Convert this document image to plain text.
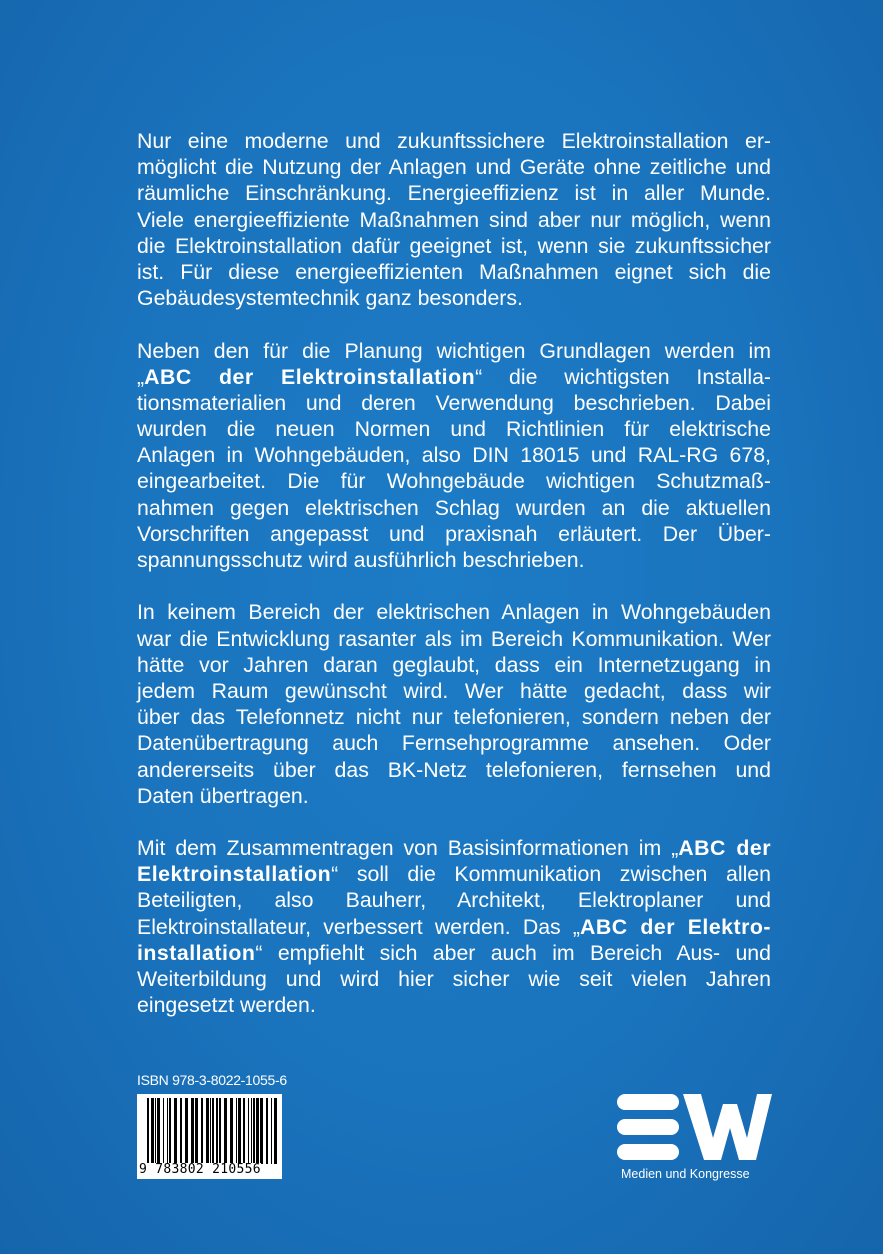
Nur eine moderne und zukunftssichere Elektroinstallation er-
möglicht die Nutzung der Anlagen und Geräte ohne zeitliche und
räumliche Einschränkung. Energieeffizienz ist in aller Munde.
Viele energieeffiziente Maßnahmen sind aber nur möglich, wenn
die Elektroinstallation dafür geeignet ist, wenn sie zukunftssicher
ist. Für diese energieeffizienten Maßnahmen eignet sich die
Gebäudesystemtechnik ganz besonders.
Neben den für die Planung wichtigen Grundlagen werden im
„ABC der Elektroinstallation“ die wichtigsten Installa-
tionsmaterialien und deren Verwendung beschrieben. Dabei
wurden die neuen Normen und Richtlinien für elektrische
Anlagen in Wohngebäuden, also DIN 18015 und RAL-RG 678,
eingearbeitet. Die für Wohngebäude wichtigen Schutzmaß-
nahmen gegen elektrischen Schlag wurden an die aktuellen
Vorschriften angepasst und praxisnah erläutert. Der Über-
spannungsschutz wird ausführlich beschrieben.
In keinem Bereich der elektrischen Anlagen in Wohngebäuden
war die Entwicklung rasanter als im Bereich Kommunikation. Wer
hätte vor Jahren daran geglaubt, dass ein Internetzugang in
jedem Raum gewünscht wird. Wer hätte gedacht, dass wir
über das Telefonnetz nicht nur telefonieren, sondern neben der
Datenübertragung auch Fernsehprogramme ansehen. Oder
andererseits über das BK-Netz telefonieren, fernsehen und
Daten übertragen.
Mit dem Zusammentragen von Basisinformationen im „ABC der
Elektroinstallation“ soll die Kommunikation zwischen allen
Beteiligten, also Bauherr, Architekt, Elektroplaner und
Elektroinstallateur, verbessert werden. Das „ABC der Elektro-
installation“ empfiehlt sich aber auch im Bereich Aus- und
Weiterbildung und wird hier sicher wie seit vielen Jahren
eingesetzt werden.
ISBN 978-3-8022-1055-6
9 783802 210556	Medien und Kongresse
